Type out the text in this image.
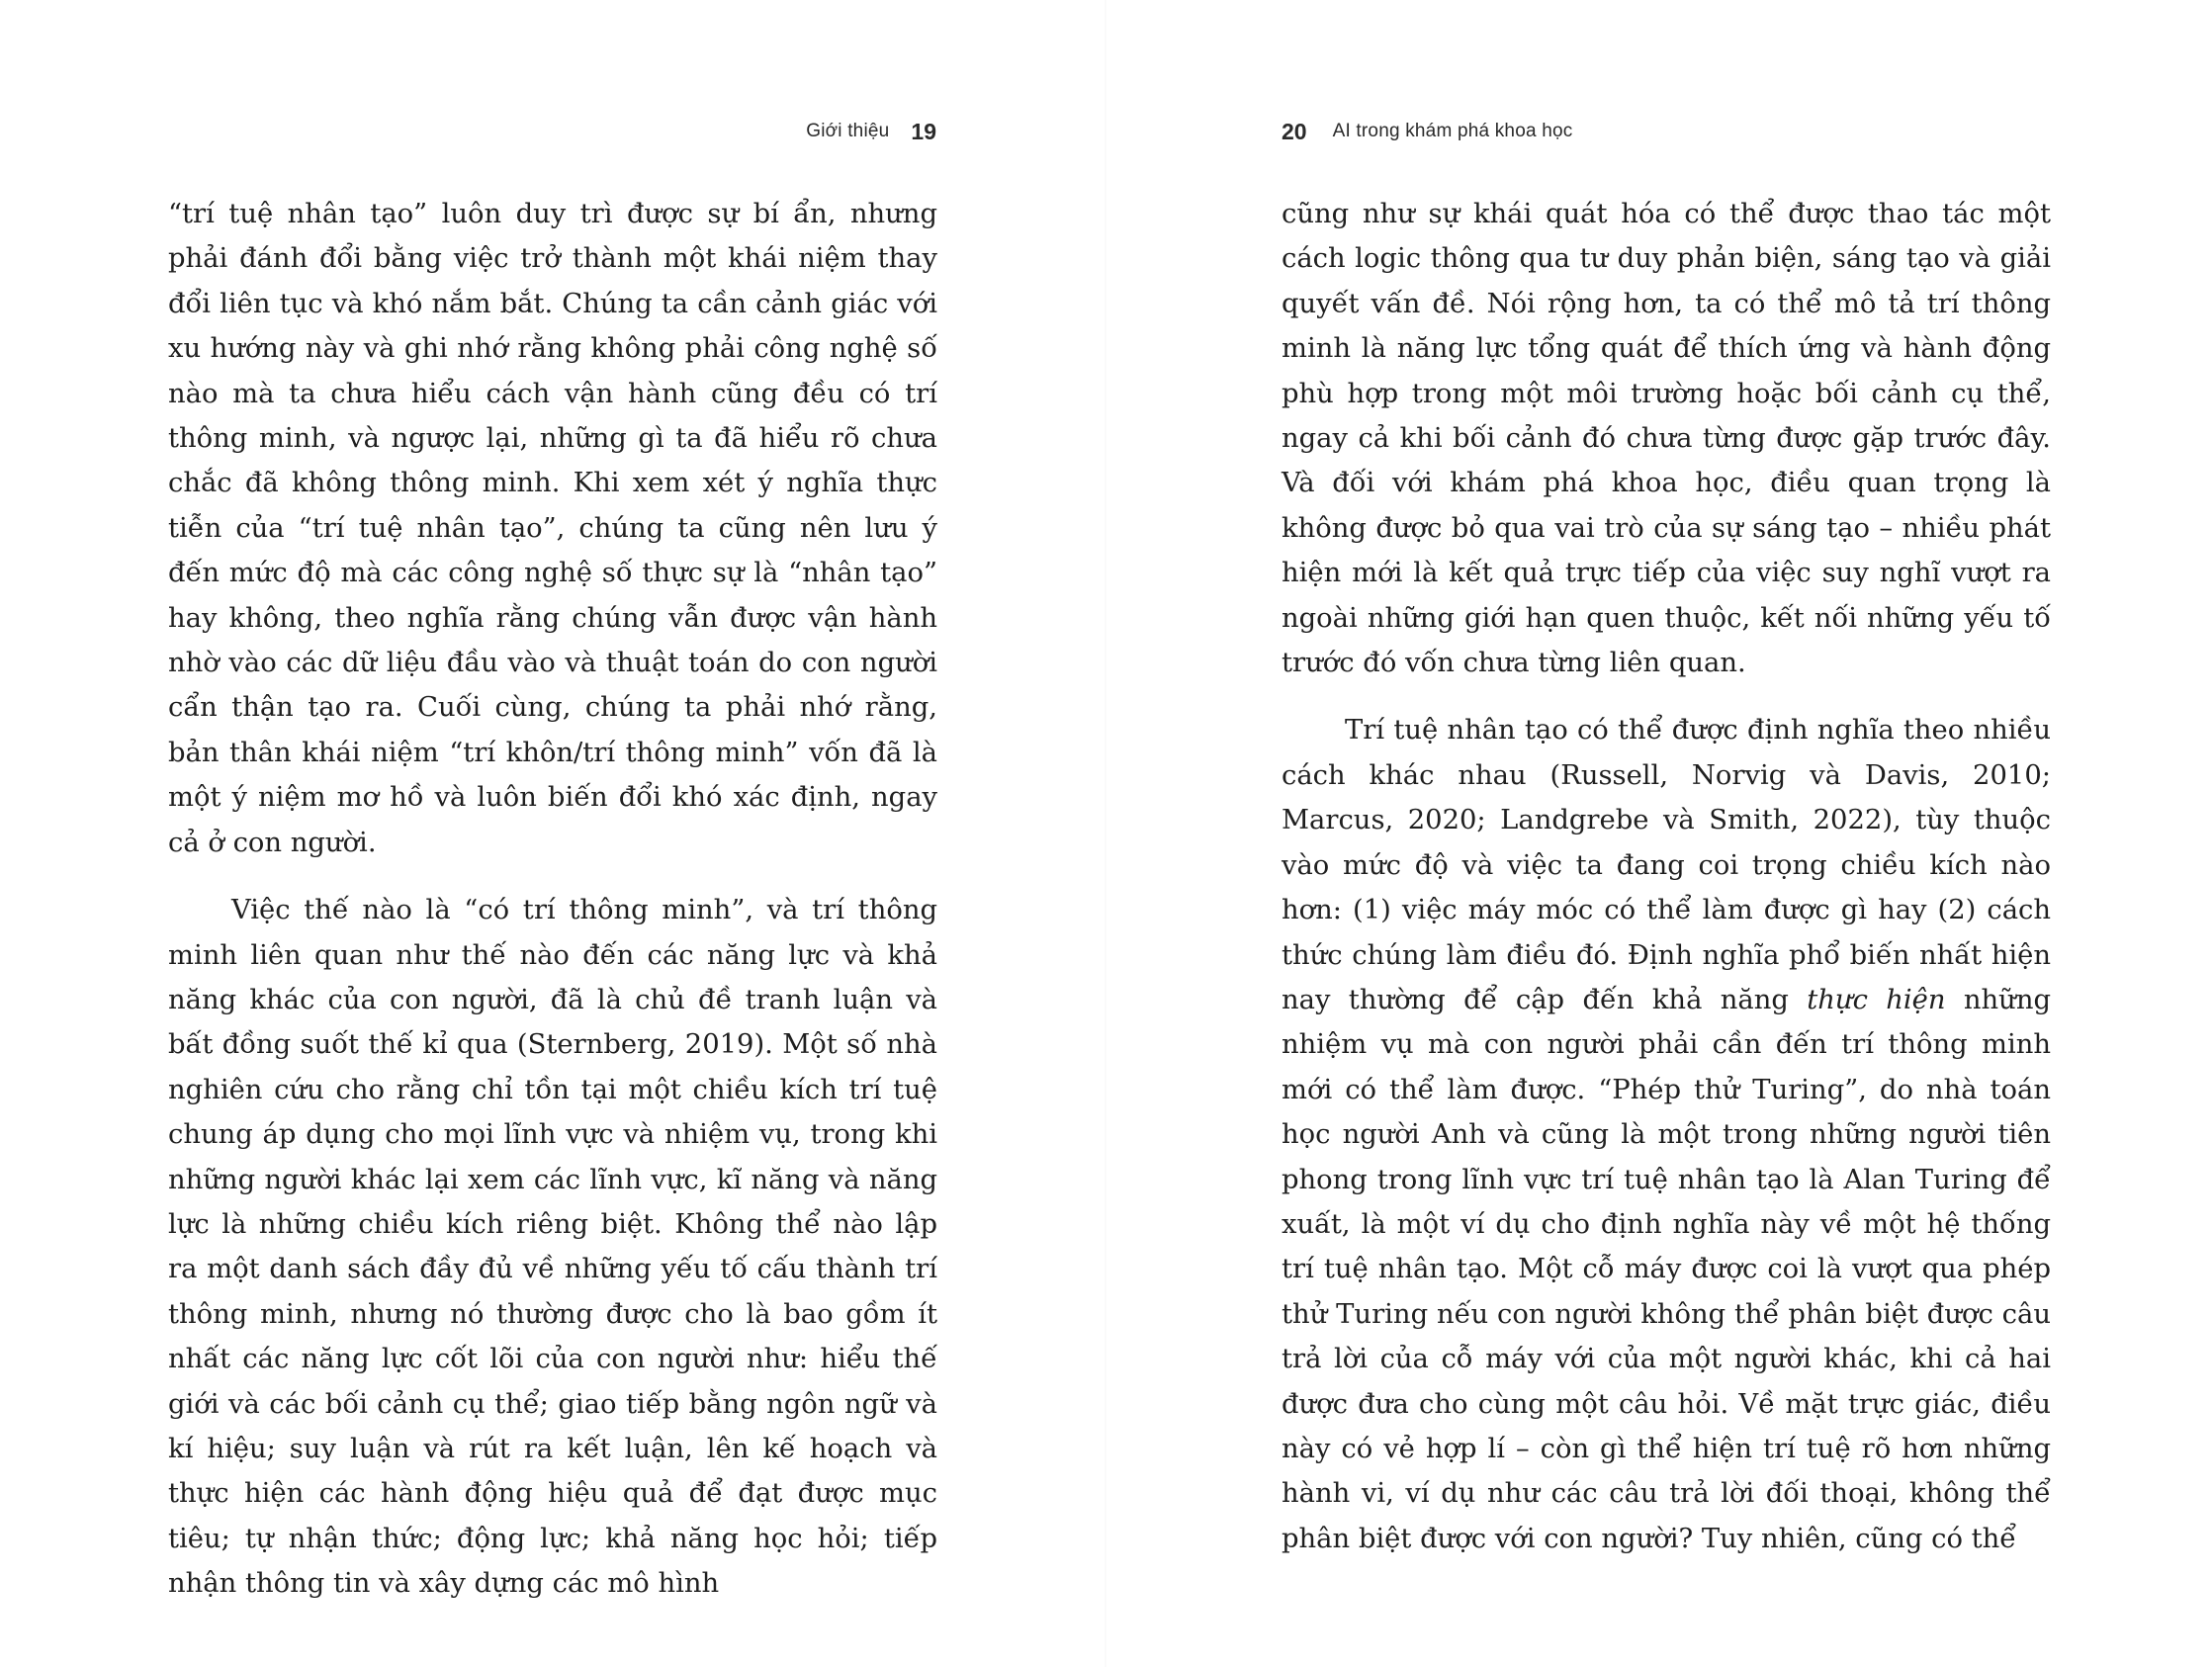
Giới thiệu 19

“trí tuệ nhân tạo” luôn duy trì được sự bí ẩn, nhưng phải đánh đổi bằng việc trở thành một khái niệm thay đổi liên tục và khó nắm bắt. Chúng ta cần cảnh giác với xu hướng này và ghi nhớ rằng không phải công nghệ số nào mà ta chưa hiểu cách vận hành cũng đều có trí thông minh, và ngược lại, những gì ta đã hiểu rõ chưa chắc đã không thông minh. Khi xem xét ý nghĩa thực tiễn của “trí tuệ nhân tạo”, chúng ta cũng nên lưu ý đến mức độ mà các công nghệ số thực sự là “nhân tạo” hay không, theo nghĩa rằng chúng vẫn được vận hành nhờ vào các dữ liệu đầu vào và thuật toán do con người cẩn thận tạo ra. Cuối cùng, chúng ta phải nhớ rằng, bản thân khái niệm “trí khôn/trí thông minh” vốn đã là một ý niệm mơ hồ và luôn biến đổi khó xác định, ngay cả ở con người.

Việc thế nào là “có trí thông minh”, và trí thông minh liên quan như thế nào đến các năng lực và khả năng khác của con người, đã là chủ đề tranh luận và bất đồng suốt thế kỉ qua (Sternberg, 2019). Một số nhà nghiên cứu cho rằng chỉ tồn tại một chiều kích trí tuệ chung áp dụng cho mọi lĩnh vực và nhiệm vụ, trong khi những người khác lại xem các lĩnh vực, kĩ năng và năng lực là những chiều kích riêng biệt. Không thể nào lập ra một danh sách đầy đủ về những yếu tố cấu thành trí thông minh, nhưng nó thường được cho là bao gồm ít nhất các năng lực cốt lõi của con người như: hiểu thế giới và các bối cảnh cụ thể; giao tiếp bằng ngôn ngữ và kí hiệu; suy luận và rút ra kết luận, lên kế hoạch và thực hiện các hành động hiệu quả để đạt được mục tiêu; tự nhận thức; động lực; khả năng học hỏi; tiếp nhận thông tin và xây dựng các mô hình

20 AI trong khám phá khoa học

cũng như sự khái quát hóa có thể được thao tác một cách logic thông qua tư duy phản biện, sáng tạo và giải quyết vấn đề. Nói rộng hơn, ta có thể mô tả trí thông minh là năng lực tổng quát để thích ứng và hành động phù hợp trong một môi trường hoặc bối cảnh cụ thể, ngay cả khi bối cảnh đó chưa từng được gặp trước đây. Và đối với khám phá khoa học, điều quan trọng là không được bỏ qua vai trò của sự sáng tạo – nhiều phát hiện mới là kết quả trực tiếp của việc suy nghĩ vượt ra ngoài những giới hạn quen thuộc, kết nối những yếu tố trước đó vốn chưa từng liên quan.

Trí tuệ nhân tạo có thể được định nghĩa theo nhiều cách khác nhau (Russell, Norvig và Davis, 2010; Marcus, 2020; Landgrebe và Smith, 2022), tùy thuộc vào mức độ và việc ta đang coi trọng chiều kích nào hơn: (1) việc máy móc có thể làm được gì hay (2) cách thức chúng làm điều đó. Định nghĩa phổ biến nhất hiện nay thường để cập đến khả năng thực hiện những nhiệm vụ mà con người phải cần đến trí thông minh mới có thể làm được. “Phép thử Turing”, do nhà toán học người Anh và cũng là một trong những người tiên phong trong lĩnh vực trí tuệ nhân tạo là Alan Turing để xuất, là một ví dụ cho định nghĩa này về một hệ thống trí tuệ nhân tạo. Một cỗ máy được coi là vượt qua phép thử Turing nếu con người không thể phân biệt được câu trả lời của cỗ máy với của một người khác, khi cả hai được đưa cho cùng một câu hỏi. Về mặt trực giác, điều này có vẻ hợp lí – còn gì thể hiện trí tuệ rõ hơn những hành vi, ví dụ như các câu trả lời đối thoại, không thể phân biệt được với con người? Tuy nhiên, cũng có thể
